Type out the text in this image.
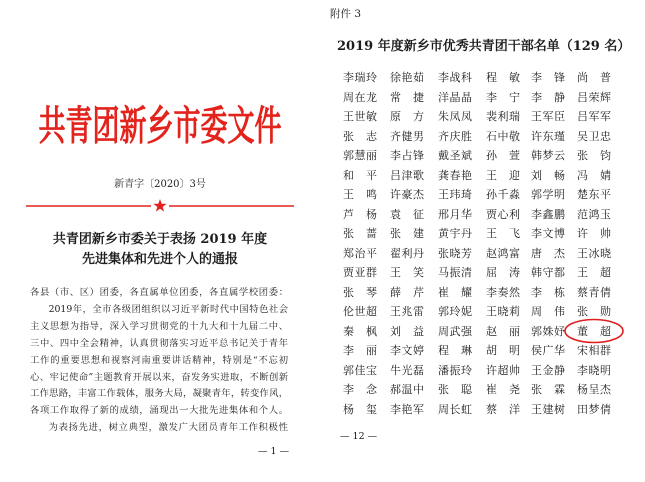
共青团新乡市委文件
新青字〔2020〕3号
共青团新乡市委关于表扬 2019 年度
先进集体和先进个人的通报
各县（市、区）团委，各直属单位团委，各直属学校团委：
2019年，全市各级团组织以习近平新时代中国特色社会
主义思想为指导，深入学习贯彻党的十九大和十九届二中、
三中、四中全会精神，认真贯彻落实习近平总书记关于青年
工作的重要思想和视察河南重要讲话精神，特别是“不忘初
心、牢记使命”主题教育开展以来，奋发务实进取，不断创新
工作思路，丰富工作载体，服务大局，凝聚青年，转变作风，
各项工作取得了新的成绩，涌现出一大批先进集体和个人。
为表扬先进，树立典型，激发广大团员青年工作积极性
— 1 —
附件 3
2019 年度新乡市优秀共青团干部名单（129 名）
李瑞玲 徐艳茹 李战科 程　敏 李　锋 尚　普
周在龙 常　捷 洋晶晶 李　宁 李　静 吕荣辉
王世敏 原　方 朱凤凤 裴利瑞 王军臣 吕军军
张　志 齐健男 齐庆胜 石中敬 许东瑾 吴卫忠
郭慧丽 李占锋 戴圣斌 孙　萱 韩梦云 张　钧
和　平 吕津歌 龚春艳 王　迎 刘　畅 冯　婧
王　鸣 许豪杰 王玮琦 孙千淼 郭学明 楚东平
芦　杨 袁　征 邢月华 贾心利 李鑫鹏 范鸿玉
张　蔷 张　建 黄宇丹 王　飞 李文博 许　帅
郑治平 翟利丹 张晓芳 赵鸿富 唐　杰 王冰晓
贾亚群 王　笑 马振清 屈　涛 韩守都 王　超
张　琴 薛　芹 崔　耀 李奏然 李　栋 蔡青倩
伦世超 王兆雷 郭玲妮 王晓莉 周　伟 张　勋
秦　枫 刘　益 周武强 赵　丽 郭姝妤 董　超
李　丽 李文婷 程　琳 胡　明 侯广华 宋相群
郭佳宝 牛光磊 潘振玲 许超帅 王金静 李晓明
李　念 郝温中 张　聪 崔　尧 张　霖 杨呈杰
杨　玺 李艳军 周长虹 蔡　洋 王建树 田梦倩
— 12 —
